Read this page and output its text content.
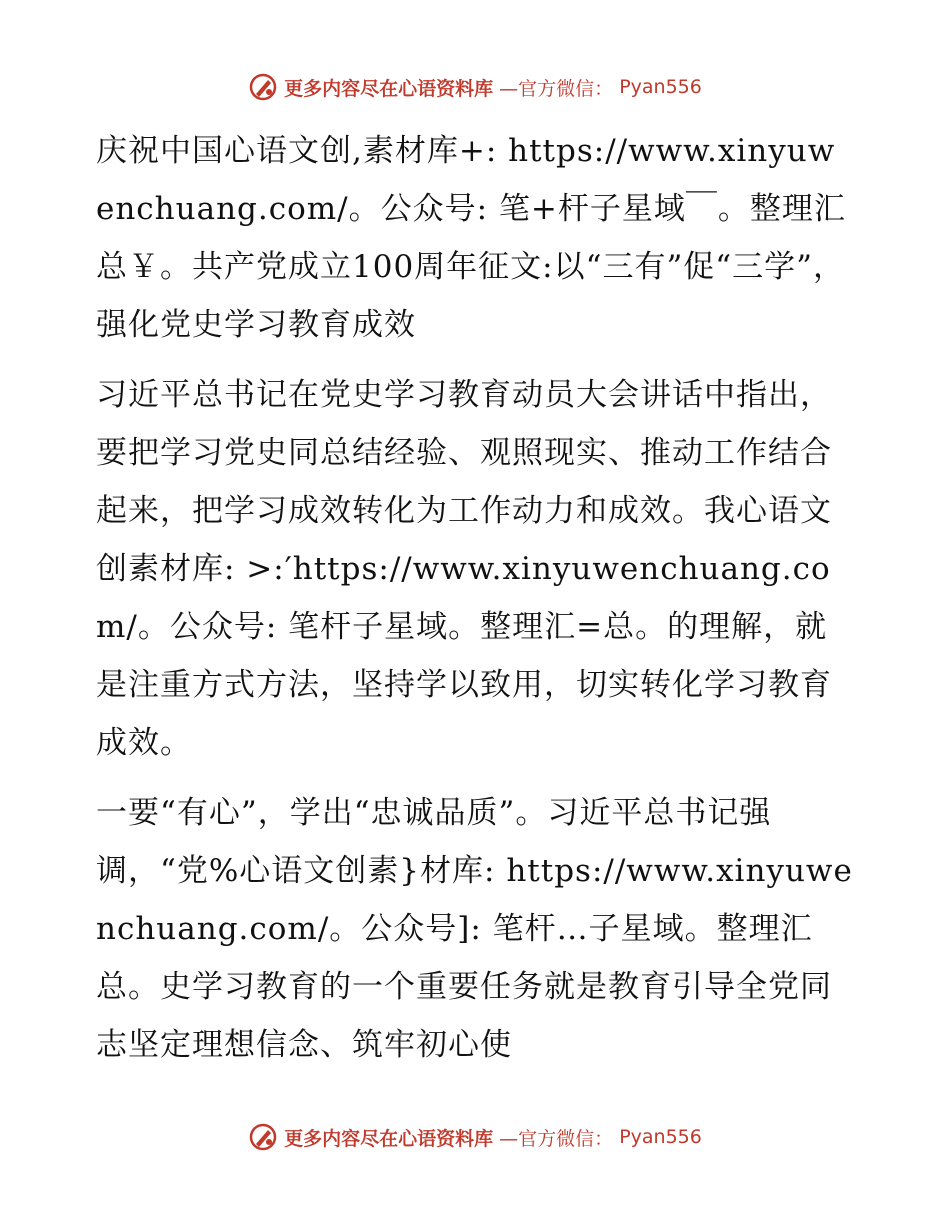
更多内容尽在心语资料库 —官方微信： Pyan556

庆祝中国心语文创,素材库+: https://www.xinyuwenchuang.com/。公众号: 笔+杆子星域￣。整理汇总￥。共产党成立100周年征文:以“三有”促“三学”，强化党史学习教育成效

习近平总书记在党史学习教育动员大会讲话中指出，要把学习党史同总结经验、观照现实、推动工作结合起来，把学习成效转化为工作动力和成效。我心语文创素材库: >:′https://www.xinyuwenchuang.com/。公众号: 笔杆子星域。整理汇=总。的理解，就是注重方式方法，坚持学以致用，切实转化学习教育成效。

一要“有心”，学出“忠诚品质”。习近平总书记强调，“党%心语文创素}材库: https://www.xinyuwenchuang.com/。公众号]: 笔杆…子星域。整理汇总。史学习教育的一个重要任务就是教育引导全党同志坚定理想信念、筑牢初心使

更多内容尽在心语资料库 —官方微信： Pyan556
